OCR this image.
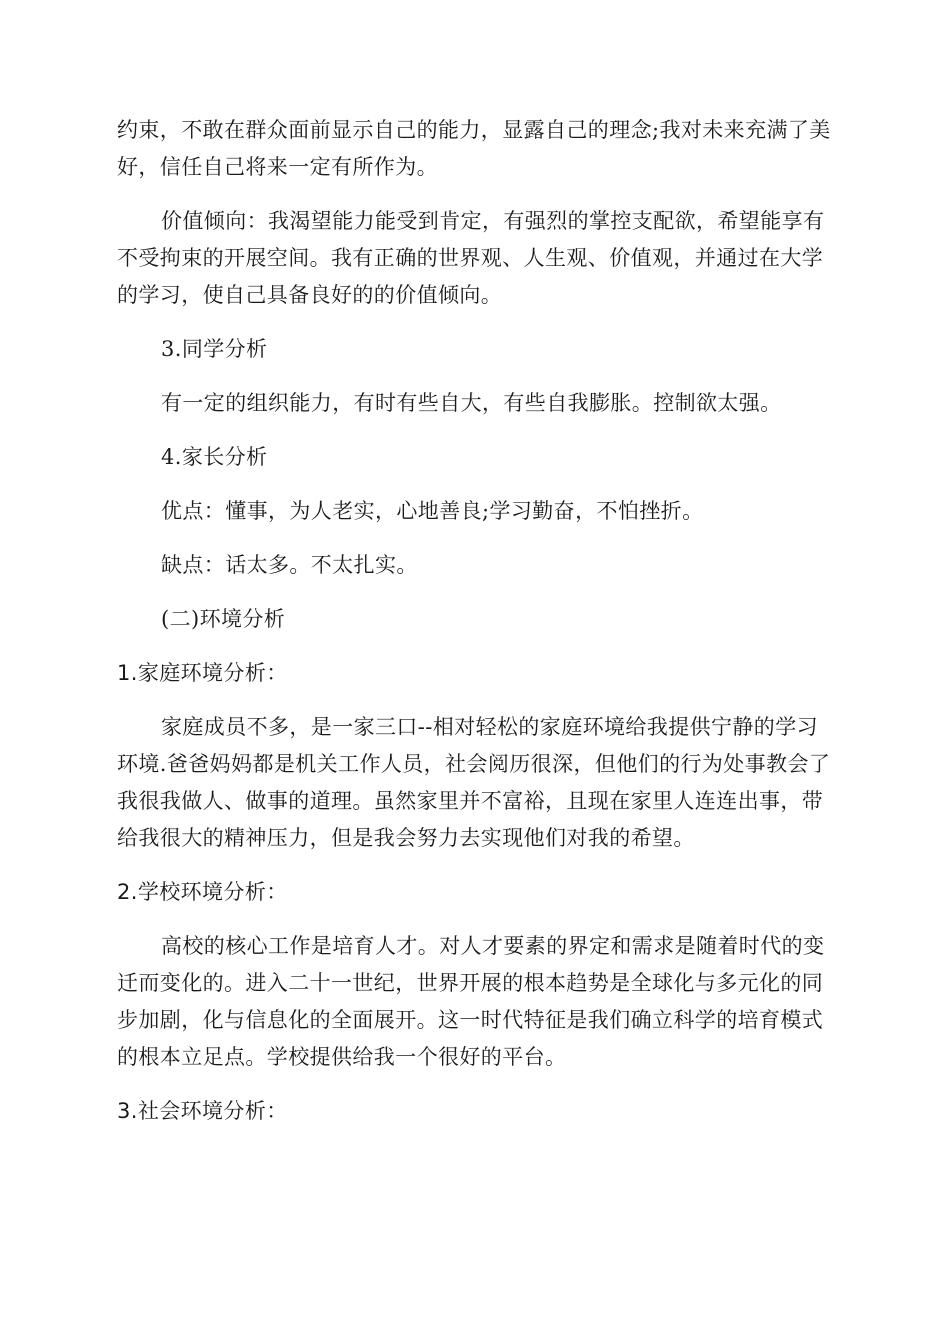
约束，不敢在群众面前显示自己的能力，显露自己的理念;我对未来充满了美好，信任自己将来一定有所作为。

价值倾向：我渴望能力能受到肯定，有强烈的掌控支配欲，希望能享有不受拘束的开展空间。我有正确的世界观、人生观、价值观，并通过在大学的学习，使自己具备良好的的价值倾向。

3.同学分析

有一定的组织能力，有时有些自大，有些自我膨胀。控制欲太强。

4.家长分析

优点：懂事，为人老实，心地善良;学习勤奋，不怕挫折。

缺点：话太多。不太扎实。

(二)环境分析

1.家庭环境分析：

家庭成员不多，是一家三口--相对轻松的家庭环境给我提供宁静的学习环境.爸爸妈妈都是机关工作人员，社会阅历很深，但他们的行为处事教会了我很我做人、做事的道理。虽然家里并不富裕，且现在家里人连连出事，带给我很大的精神压力，但是我会努力去实现他们对我的希望。

2.学校环境分析：

高校的核心工作是培育人才。对人才要素的界定和需求是随着时代的变迁而变化的。进入二十一世纪，世界开展的根本趋势是全球化与多元化的同步加剧，化与信息化的全面展开。这一时代特征是我们确立科学的培育模式的根本立足点。学校提供给我一个很好的平台。

3.社会环境分析：
